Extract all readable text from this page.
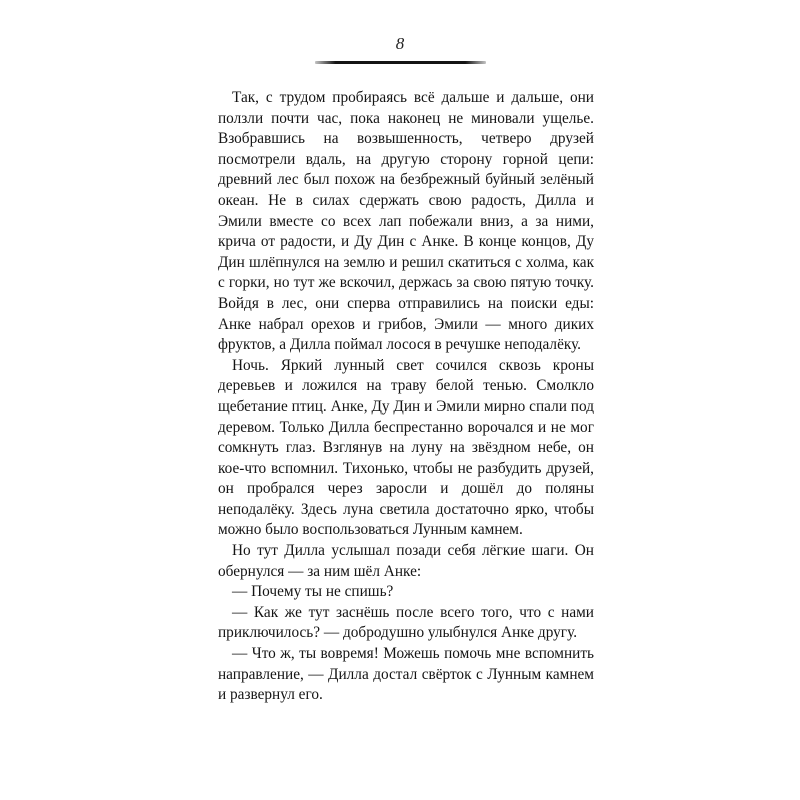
8

Так, с трудом пробираясь всё дальше и дальше, они ползли почти час, пока наконец не миновали ущелье. Взобравшись на возвышенность, четверо друзей посмотрели вдаль, на другую сторону горной цепи: древний лес был похож на безбрежный буйный зелёный океан. Не в силах сдержать свою радость, Дилла и Эмили вместе со всех лап побежали вниз, а за ними, крича от радости, и Ду Дин с Анке. В конце концов, Ду Дин шлёпнулся на землю и решил скатиться с холма, как с горки, но тут же вскочил, держась за свою пятую точку. Войдя в лес, они сперва отправились на поиски еды: Анке набрал орехов и грибов, Эмили — много диких фруктов, а Дилла поймал лосося в речушке неподалёку.

Ночь. Яркий лунный свет сочился сквозь кроны деревьев и ложился на траву белой тенью. Смолкло щебетание птиц. Анке, Ду Дин и Эмили мирно спали под деревом. Только Дилла беспрестанно ворочался и не мог сомкнуть глаз. Взглянув на луну на звёздном небе, он кое-что вспомнил. Тихонько, чтобы не разбудить друзей, он пробрался через заросли и дошёл до поляны неподалёку. Здесь луна светила достаточно ярко, чтобы можно было воспользоваться Лунным камнем.

Но тут Дилла услышал позади себя лёгкие шаги. Он обернулся — за ним шёл Анке:

— Почему ты не спишь?

— Как же тут заснёшь после всего того, что с нами приключилось? — добродушно улыбнулся Анке другу.

— Что ж, ты вовремя! Можешь помочь мне вспомнить направление, — Дилла достал свёрток с Лунным камнем и развернул его.
